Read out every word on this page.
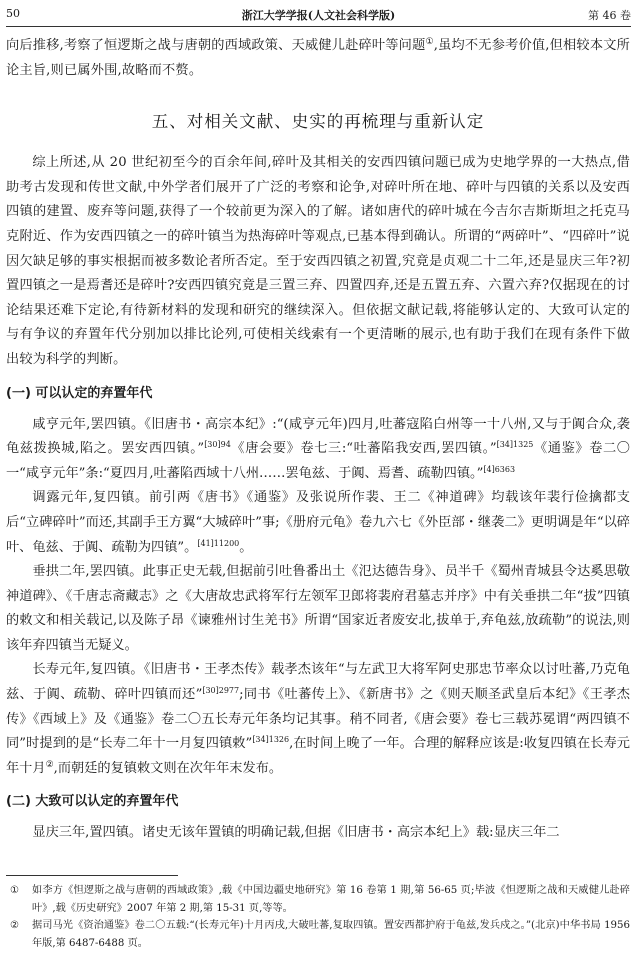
50	浙江大学学报(人文社会科学版)	第 46 卷

向后推移,考察了恒逻斯之战与唐朝的西域政策、天威健儿赴碎叶等问题①,虽均不无参考价值,但相较本文所论主旨,则已属外围,故略而不赘。

五、对相关文献、史实的再梳理与重新认定

综上所述,从 20 世纪初至今的百余年间,碎叶及其相关的安西四镇问题已成为史地学界的一大热点,借助考古发现和传世文献,中外学者们展开了广泛的考察和论争,对碎叶所在地、碎叶与四镇的关系以及安西四镇的建置、废弃等问题,获得了一个较前更为深入的了解。诸如唐代的碎叶城在今吉尔吉斯斯坦之托克马克附近、作为安西四镇之一的碎叶镇当为热海碎叶等观点,已基本得到确认。所谓的“两碎叶”、“四碎叶”说因欠缺足够的事实根据而被多数论者所否定。至于安西四镇之初置,究竟是贞观二十二年,还是显庆三年?初置四镇之一是焉耆还是碎叶?安西四镇究竟是三置三弃、四置四弃,还是五置五弃、六置六弃?仅据现在的讨论结果还难下定论,有待新材料的发现和研究的继续深入。但依据文献记载,将能够认定的、大致可认定的与有争议的弃置年代分别加以排比论列,可使相关线索有一个更清晰的展示,也有助于我们在现有条件下做出较为科学的判断。

(一) 可以认定的弃置年代

咸亨元年,罢四镇。《旧唐书・高宗本纪》:“(咸亨元年)四月,吐蕃寇陷白州等一十八州,又与于阗合众,袭龟兹拨换城,陷之。罢安西四镇。”$^{[30]94}$《唐会要》卷七三:“吐蕃陷我安西,罢四镇。”$^{[34]1325}$《通鉴》卷二〇一“咸亨元年”条:“夏四月,吐蕃陷西域十八州……罢龟兹、于阗、焉耆、疏勒四镇。”$^{[4]6363}$

调露元年,复四镇。前引两《唐书》《通鉴》及张说所作裴、王二《神道碑》均载该年裴行俭擒都支后“立碑碎叶”而还,其副手王方翼“大城碎叶”事;《册府元龟》卷九六七《外臣部・继袭二》更明调是年“以碎叶、龟兹、于阗、疏勒为四镇”。$^{[41]11200}$。

垂拱二年,罢四镇。此事正史无载,但据前引吐鲁番出土《氾达德告身》、员半千《蜀州青城县令达奚思敬神道碑》、《千唐志斋藏志》之《大唐故忠武将军行左领军卫郎将裴府君墓志并序》中有关垂拱二年“拔”四镇的敕文和相关载记,以及陈子昂《谏雅州讨生羌书》所谓“国家近者废安北,拔单于,弃龟兹,放疏勒”的说法,则该年弃四镇当无疑义。

长寿元年,复四镇。《旧唐书・王孝杰传》载孝杰该年“与左武卫大将军阿史那忠节率众以讨吐蕃,乃克龟兹、于阗、疏勒、碎叶四镇而还”$^{[30]2977}$;同书《吐蕃传上》、《新唐书》之《则天顺圣武皇后本纪》《王孝杰传》《西域上》及《通鉴》卷二〇五长寿元年条均记其事。稍不同者,《唐会要》卷七三载苏冕谓“两四镇不同”时提到的是“长寿二年十一月复四镇敕”$^{[34]1326}$,在时间上晚了一年。合理的解释应该是:收复四镇在长寿元年十月②,而朝廷的复镇敕文则在次年年末发布。

(二) 大致可以认定的弃置年代

显庆三年,置四镇。诸史无该年置镇的明确记载,但据《旧唐书・高宗本纪上》载:显庆三年二

①	如李方《怛逻斯之战与唐朝的西域政策》,载《中国边疆史地研究》第 16 卷第 1 期,第 56-65 页;毕波《怛逻斯之战和天威健儿赴碎叶》,载《历史研究》2007 年第 2 期,第 15-31 页,等等。
②	据司马光《资治通鉴》卷二〇五载:“(长寿元年)十月丙戌,大破吐蕃,复取四镇。置安西都护府于龟兹,发兵戍之。”(北京)中华书局 1956 年版,第 6487-6488 页。
